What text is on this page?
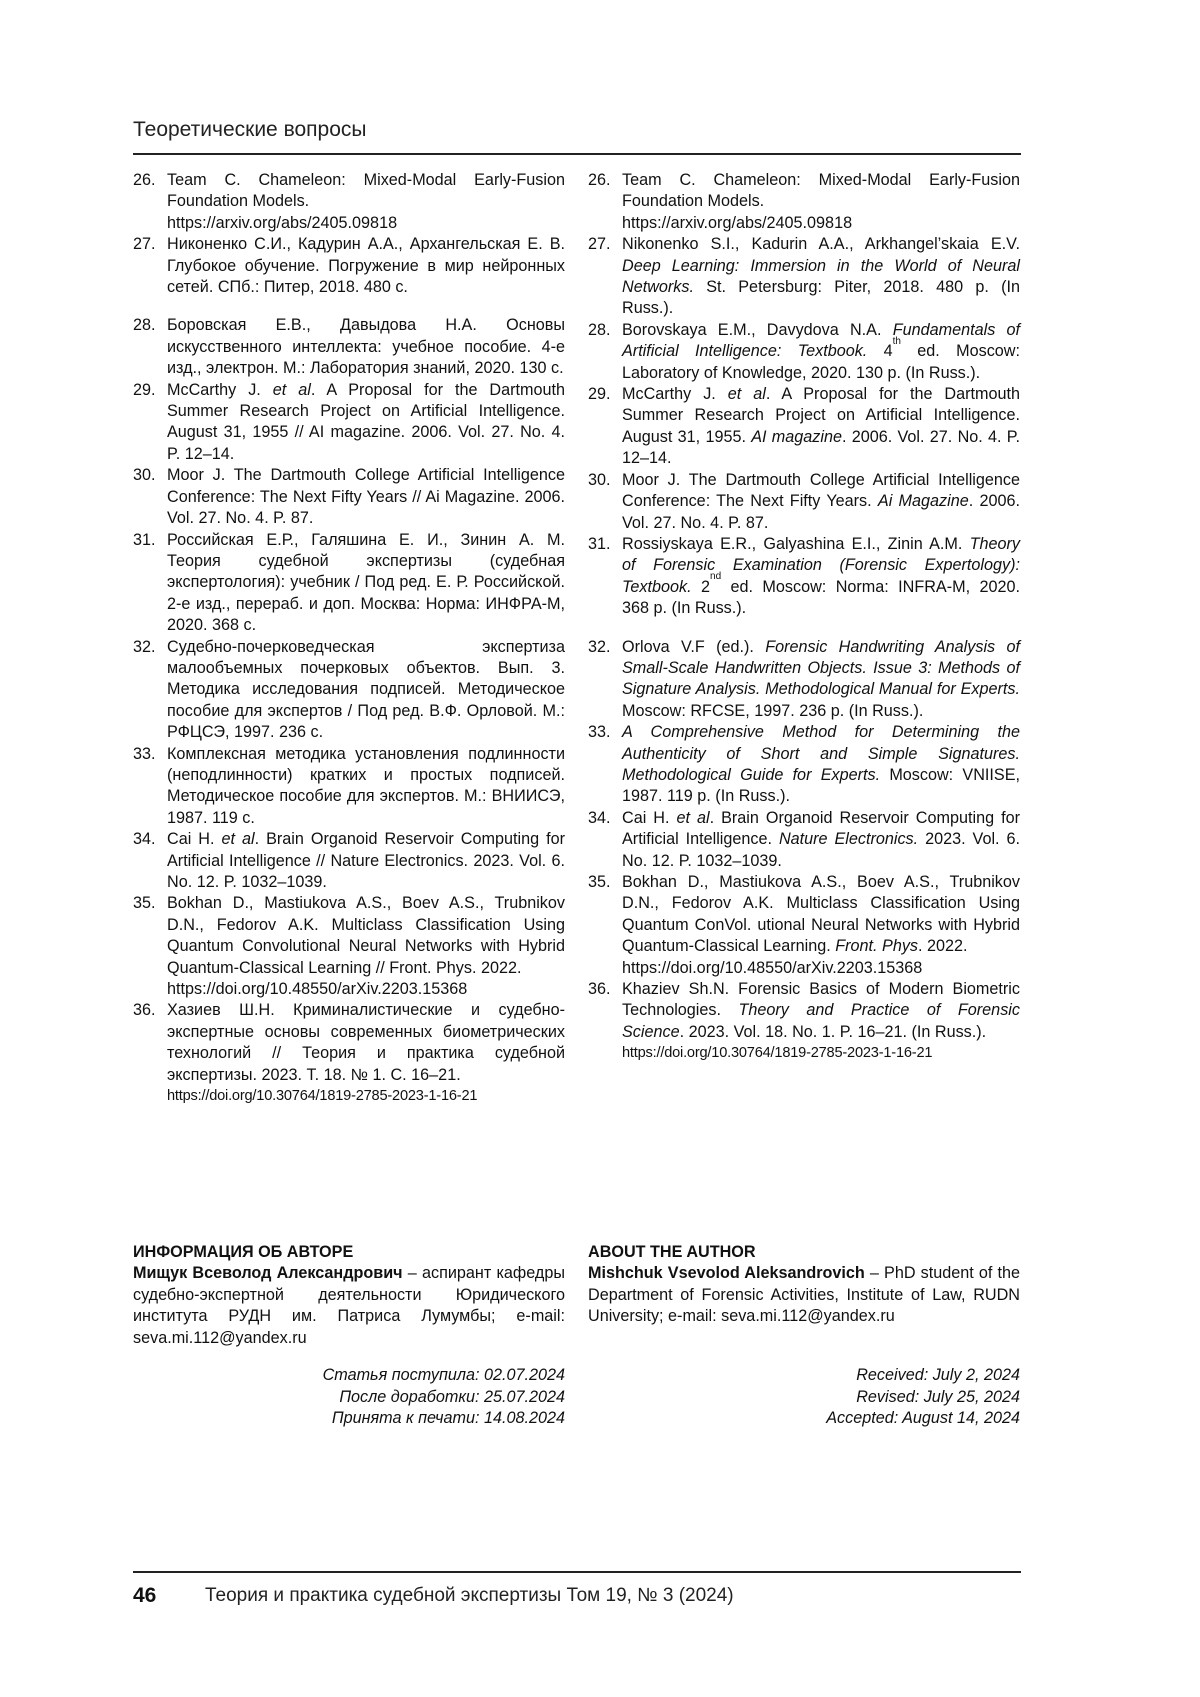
Теоретические вопросы
26. Team C. Chameleon: Mixed-Modal Early-Fusion Foundation Models.
https://arxiv.org/abs/2405.09818
27. Никоненко С.И., Кадурин А.А., Архангельская Е. В. Глубокое обучение. Погружение в мир нейронных сетей. СПб.: Питер, 2018. 480 с.
28. Боровская Е.В., Давыдова Н.А. Основы искусственного интеллекта: учебное пособие. 4-е изд., электрон. М.: Лаборатория знаний, 2020. 130 с.
29. McCarthy J. et al. A Proposal for the Dartmouth Summer Research Project on Artificial Intelligence. August 31, 1955 // AI magazine. 2006. Vol. 27. No. 4. P. 12–14.
30. Moor J. The Dartmouth College Artificial Intelligence Conference: The Next Fifty Years // Ai Magazine. 2006. Vol. 27. No. 4. P. 87.
31. Российская Е.Р., Галяшина Е. И., Зинин А. М. Теория судебной экспертизы (судебная экспертология): учебник / Под ред. Е. Р. Российской. 2-е изд., перераб. и доп. Москва: Норма: ИНФРА-М, 2020. 368 с.
32. Судебно-почерковедческая экспертиза малообъемных почерковых объектов. Вып. 3. Методика исследования подписей. Методическое пособие для экспертов / Под ред. В.Ф. Орловой. М.: РФЦСЭ, 1997. 236 с.
33. Комплексная методика установления подлинности (неподлинности) кратких и простых подписей. Методическое пособие для экспертов. М.: ВНИИСЭ, 1987. 119 с.
34. Cai H. et al. Brain Organoid Reservoir Computing for Artificial Intelligence // Nature Electronics. 2023. Vol. 6. No. 12. P. 1032–1039.
35. Bokhan D., Mastiukova A.S., Boev A.S., Trubnikov D.N., Fedorov A.K. Multiclass Classification Using Quantum Convolutional Neural Networks with Hybrid Quantum-Classical Learning // Front. Phys. 2022.
https://doi.org/10.48550/arXiv.2203.15368
36. Хазиев Ш.Н. Криминалистические и судебно-экспертные основы современных биометрических технологий // Теория и практика судебной экспертизы. 2023. Т. 18. № 1. С. 16–21.
https://doi.org/10.30764/1819-2785-2023-1-16-21
26. Team C. Chameleon: Mixed-Modal Early-Fusion Foundation Models.
https://arxiv.org/abs/2405.09818
27. Nikonenko S.I., Kadurin A.A., Arkhangel’skaia E.V. Deep Learning: Immersion in the World of Neural Networks. St. Petersburg: Piter, 2018. 480 p. (In Russ.).
28. Borovskaya E.M., Davydova N.A. Fundamentals of Artificial Intelligence: Textbook. 4th ed. Moscow: Laboratory of Knowledge, 2020. 130 p. (In Russ.).
29. McCarthy J. et al. A Proposal for the Dartmouth Summer Research Project on Artificial Intelligence. August 31, 1955. AI magazine. 2006. Vol. 27. No. 4. P. 12–14.
30. Moor J. The Dartmouth College Artificial Intelligence Conference: The Next Fifty Years. Ai Magazine. 2006. Vol. 27. No. 4. P. 87.
31. Rossiyskaya E.R., Galyashina E.I., Zinin A.M. Theory of Forensic Examination (Forensic Expertology): Textbook. 2nd ed. Moscow: Norma: INFRA-M, 2020. 368 p. (In Russ.).
32. Orlova V.F (ed.). Forensic Handwriting Analysis of Small-Scale Handwritten Objects. Issue 3: Methods of Signature Analysis. Methodological Manual for Experts. Moscow: RFCSE, 1997. 236 p. (In Russ.).
33. A Comprehensive Method for Determining the Authenticity of Short and Simple Signatures. Methodological Guide for Experts. Moscow: VNIISE, 1987. 119 p. (In Russ.).
34. Cai H. et al. Brain Organoid Reservoir Computing for Artificial Intelligence. Nature Electronics. 2023. Vol. 6. No. 12. P. 1032–1039.
35. Bokhan D., Mastiukova A.S., Boev A.S., Trubnikov D.N., Fedorov A.K. Multiclass Classification Using Quantum ConVol. utional Neural Networks with Hybrid Quantum-Classical Learning. Front. Phys. 2022.
https://doi.org/10.48550/arXiv.2203.15368
36. Khaziev Sh.N. Forensic Basics of Modern Biometric Technologies. Theory and Practice of Forensic Science. 2023. Vol. 18. No. 1. P. 16–21. (In Russ.).
https://doi.org/10.30764/1819-2785-2023-1-16-21
ИНФОРМАЦИЯ ОБ АВТОРЕ
Мищук Всеволод Александрович – аспирант кафедры судебно-экспертной деятельности Юридического института РУДН им. Патриса Лумумбы; e-mail: seva.mi.112@yandex.ru
ABOUT THE AUTHOR
Mishchuk Vsevolod Aleksandrovich – PhD student of the Department of Forensic Activities, Institute of Law, RUDN University; e-mail: seva.mi.112@yandex.ru
Статья поступила: 02.07.2024
После доработки: 25.07.2024
Принята к печати: 14.08.2024
Received: July 2, 2024
Revised: July 25, 2024
Accepted: August 14, 2024
46	Теория и практика судебной экспертизы Том 19, № 3 (2024)
